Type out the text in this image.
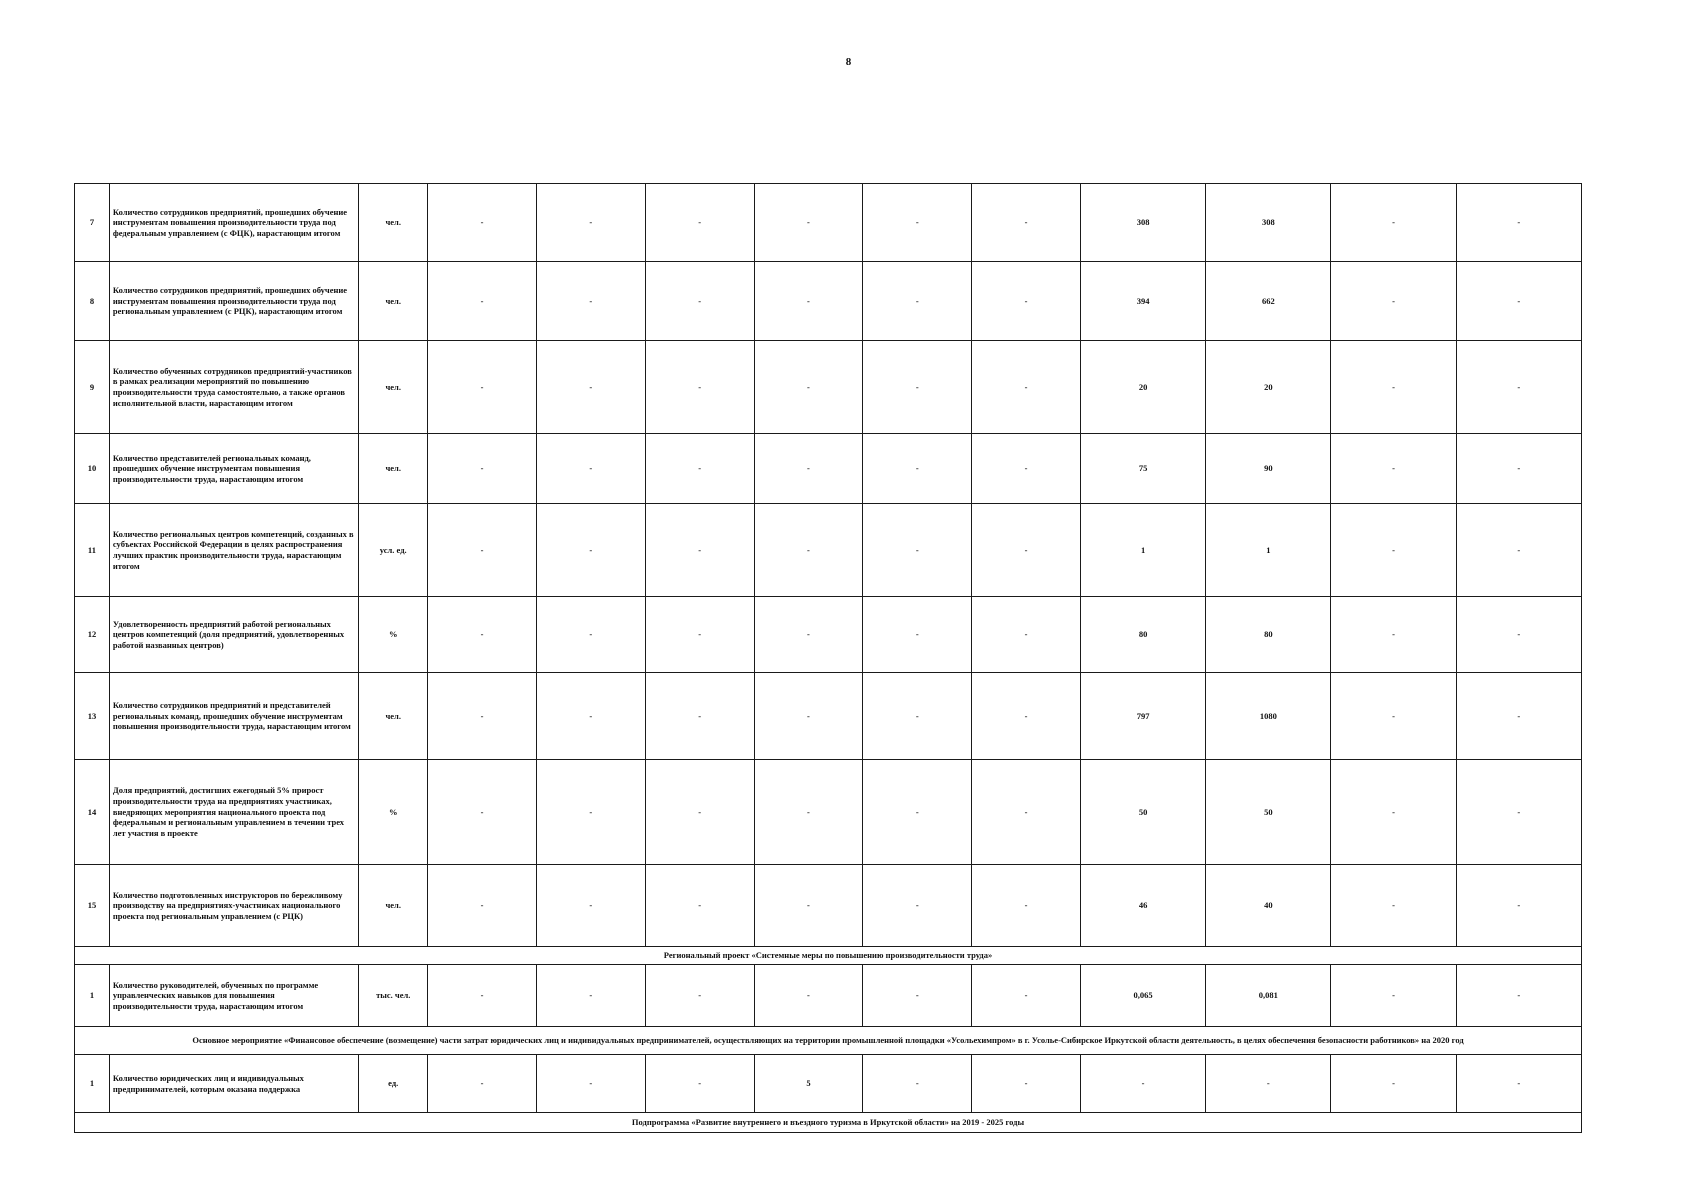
8
7	Количество сотрудников предприятий, прошедших обучение инструментам повышения производительности труда под федеральным управлением (с ФЦК), нарастающим итогом	чел.	-	-	-	-	-	-	308	308	-	-
8	Количество сотрудников предприятий, прошедших обучение инструментам повышения производительности труда под региональным управлением (с РЦК), нарастающим итогом	чел.	-	-	-	-	-	-	394	662	-	-
9	Количество обученных сотрудников предприятий-участников в рамках реализации мероприятий по повышению производительности труда самостоятельно, а также органов исполнительной власти, нарастающим итогом	чел.	-	-	-	-	-	-	20	20	-	-
10	Количество представителей региональных команд, прошедших обучение инструментам повышения производительности труда, нарастающим итогом	чел.	-	-	-	-	-	-	75	90	-	-
11	Количество региональных центров компетенций, созданных в субъектах Российской Федерации в целях распространения лучших практик производительности труда, нарастающим итогом	усл. ед.	-	-	-	-	-	-	1	1	-	-
12	Удовлетворенность предприятий работой региональных центров компетенций (доля предприятий, удовлетворенных работой названных центров)	%	-	-	-	-	-	-	80	80	-	-
13	Количество сотрудников предприятий и представителей региональных команд, прошедших обучение инструментам повышения производительности труда, нарастающим итогом	чел.	-	-	-	-	-	-	797	1080	-	-
14	Доля предприятий, достигших ежегодный 5% прирост производительности труда на предприятиях участниках, внедряющих мероприятия национального проекта под федеральным и региональным управлением в течении трех лет участия в проекте	%	-	-	-	-	-	-	50	50	-	-
15	Количество подготовленных инструкторов по бережливому производству на предприятиях-участниках национального проекта под региональным управлением (с РЦК)	чел.	-	-	-	-	-	-	46	40	-	-
Региональный проект «Системные меры по повышению производительности труда»												
1	Количество руководителей, обученных по программе управленческих навыков для повышения производительности труда, нарастающим итогом	тыс. чел.	-	-	-	-	-	-	0,065	0,081	-	-
Основное мероприятие «Финансовое обеспечение (возмещение) части затрат юридических лиц и индивидуальных предпринимателей, осуществляющих на территории промышленной площадки «Усольехимпром» в г. Усолье-Сибирское Иркутской области деятельность, в целях обеспечения безопасности работников» на 2020 год												
1	Количество юридических лиц и индивидуальных предпринимателей, которым оказана поддержка	ед.	-	-	-	5	-	-	-	-	-	-
Подпрограмма «Развитие внутреннего и въездного туризма в Иркутской области» на 2019 - 2025 годы												
